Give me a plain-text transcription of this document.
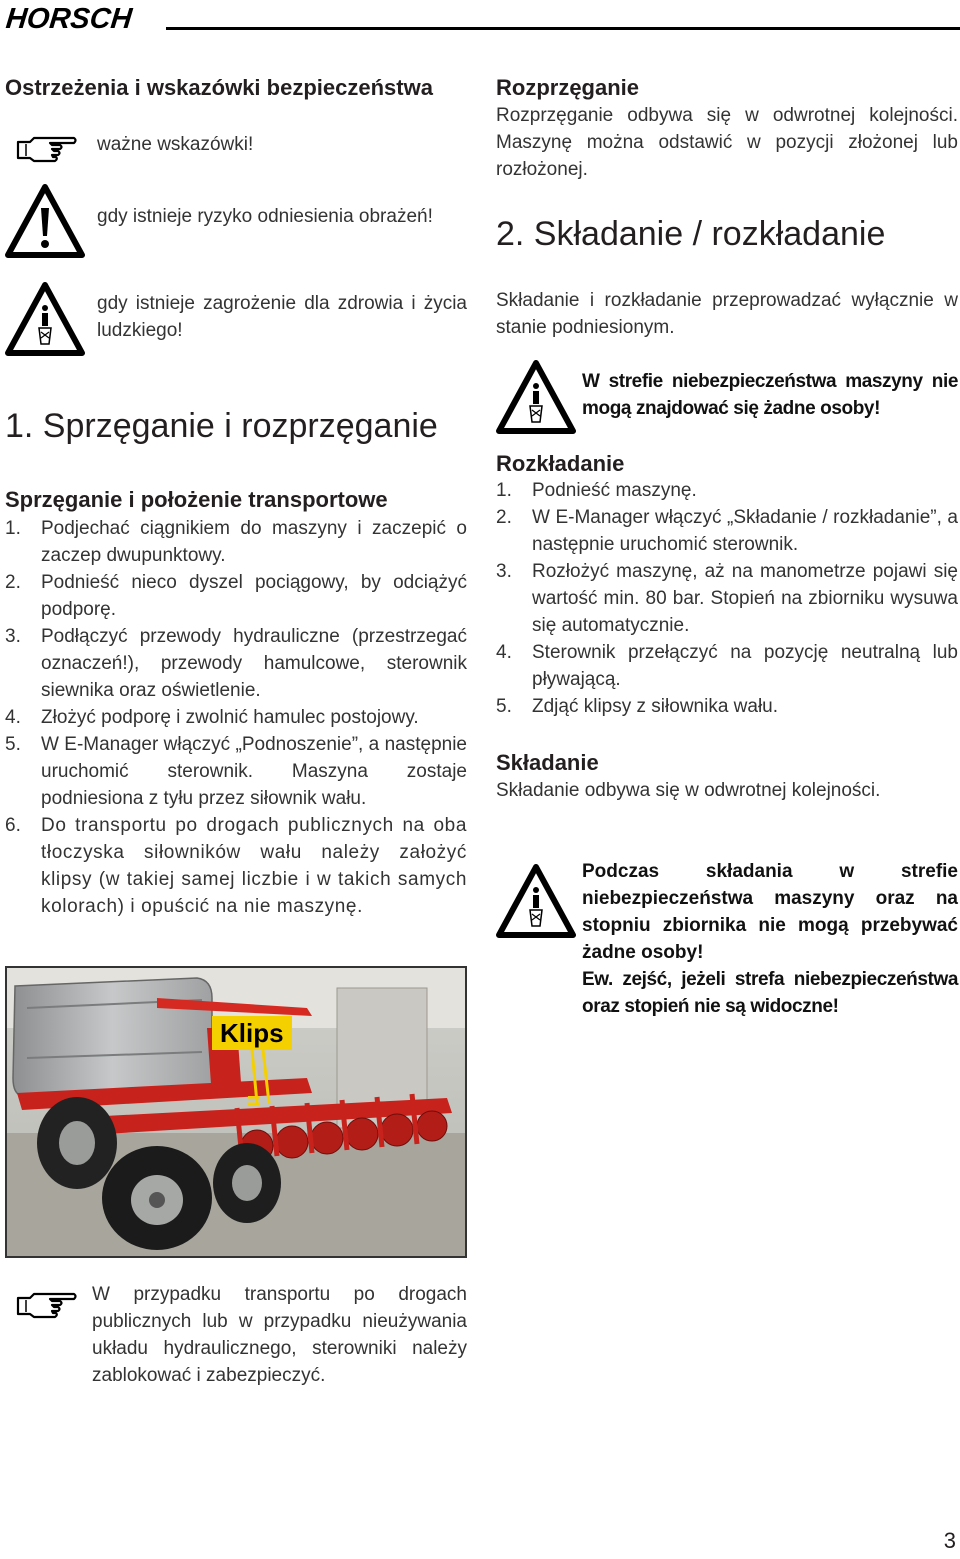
HORSCH
Ostrzeżenia i wskazówki bezpieczeństwa
ważne wskazówki!
gdy istnieje ryzyko odniesienia obrażeń!
gdy istnieje zagrożenie dla zdrowia i życia ludzkiego!
1. Sprzęganie i rozprzęganie
Sprzęganie i położenie transportowe
1. Podjechać ciągnikiem do maszyny i zaczepić o zaczep dwupunktowy.
2. Podnieść nieco dyszel pociągowy, by odciążyć podporę.
3. Podłączyć przewody hydrauliczne (przestrzegać oznaczeń!), przewody hamulcowe, sterownik siewnika oraz oświetlenie.
4. Złożyć podporę i zwolnić hamulec postojowy.
5. W E-Manager włączyć „Podnoszenie”, a następnie uruchomić sterownik. Maszyna zostaje podniesiona z tyłu przez siłownik wału.
6. Do transportu po drogach publicznych na oba tłoczyska siłowników wału należy założyć klipsy (w takiej samej liczbie i w takich samych kolorach) i opuścić na nie maszynę.
Klips
=
W przypadku transportu po drogach publicznych lub w przypadku nieużywania układu hydraulicznego, sterowniki należy zablokować i zabezpieczyć.
Rozprzęganie
Rozprzęganie odbywa się w odwrotnej kolejności. Maszynę można odstawić w pozycji złożonej lub rozłożonej.
2. Składanie / rozkładanie
Składanie i rozkładanie przeprowadzać wyłącznie w stanie podniesionym.
W strefie niebezpieczeństwa maszyny nie mogą znajdować się żadne osoby!
Rozkładanie
1. Podnieść maszynę.
2. W E-Manager włączyć „Składanie / rozkładanie”, a następnie uruchomić sterownik.
3. Rozłożyć maszynę, aż na manometrze pojawi się wartość min. 80 bar. Stopień na zbiorniku wysuwa się automatycznie.
4. Sterownik przełączyć na pozycję neutralną lub pływającą.
5. Zdjąć klipsy z siłownika wału.
Składanie
Składanie odbywa się w odwrotnej kolejności.
Podczas składania w strefie niebezpieczeństwa maszyny oraz na stopniu zbiornika nie mogą przebywać żadne osoby!
Ew. zejść, jeżeli strefa niebezpieczeństwa oraz stopień nie są widoczne!
3
